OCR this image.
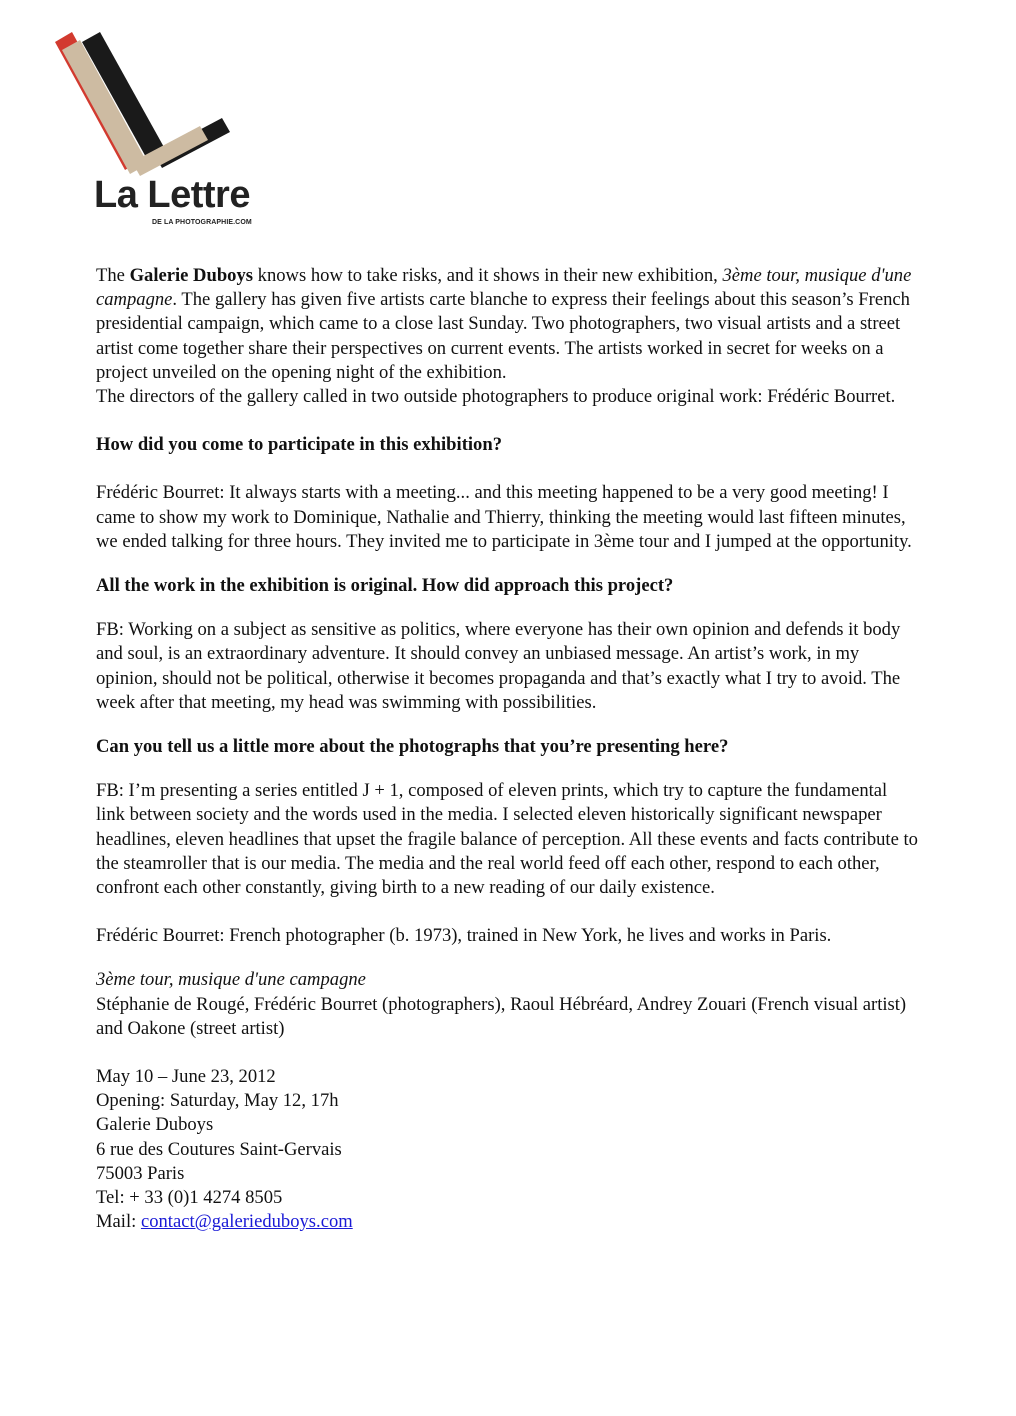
La Lettre
DE LA PHOTOGRAPHIE.COM

The Galerie Duboys knows how to take risks, and it shows in their new exhibition, 3ème tour, musique d'une campagne. The gallery has given five artists carte blanche to express their feelings about this season’s French presidential campaign, which came to a close last Sunday. Two photographers, two visual artists and a street artist come together share their perspectives on current events. The artists worked in secret for weeks on a project unveiled on the opening night of the exhibition.

The directors of the gallery called in two outside photographers to produce original work: Frédéric Bourret.

How did you come to participate in this exhibition?

Frédéric Bourret: It always starts with a meeting... and this meeting happened to be a very good meeting! I came to show my work to Dominique, Nathalie and Thierry, thinking the meeting would last fifteen minutes, we ended talking for three hours. They invited me to participate in 3ème tour and I jumped at the opportunity.

All the work in the exhibition is original. How did approach this project?

FB: Working on a subject as sensitive as politics, where everyone has their own opinion and defends it body and soul, is an extraordinary adventure. It should convey an unbiased message. An artist’s work, in my opinion, should not be political, otherwise it becomes propaganda and that’s exactly what I try to avoid. The week after that meeting, my head was swimming with possibilities.

Can you tell us a little more about the photographs that you’re presenting here?

FB: I’m presenting a series entitled J + 1, composed of eleven prints, which try to capture the fundamental link between society and the words used in the media. I selected eleven historically significant newspaper headlines, eleven headlines that upset the fragile balance of perception. All these events and facts contribute to the steamroller that is our media. The media and the real world feed off each other, respond to each other, confront each other constantly, giving birth to a new reading of our daily existence.

Frédéric Bourret: French photographer (b. 1973), trained in New York, he lives and works in Paris.

3ème tour, musique d'une campagne

Stéphanie de Rougé, Frédéric Bourret (photographers), Raoul Hébréard, Andrey Zouari (French visual artist) and Oakone (street artist)

May 10 – June 23, 2012

Opening: Saturday, May 12, 17h

Galerie Duboys

6 rue des Coutures Saint-Gervais

75003 Paris

Tel: + 33 (0)1 4274 8505

Mail: contact@galerieduboys.com
